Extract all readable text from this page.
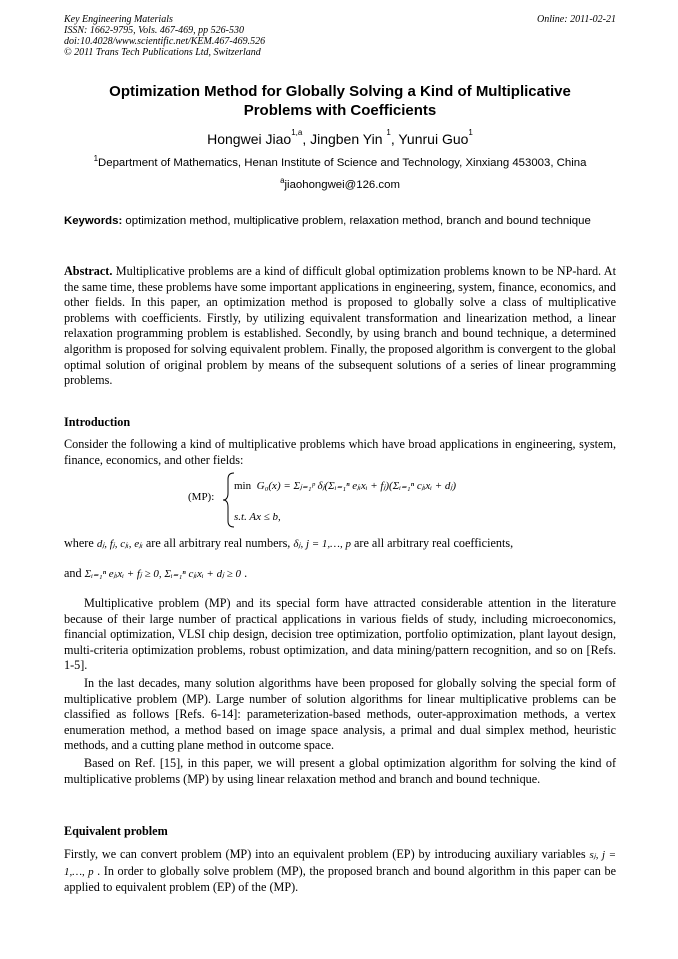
Key Engineering Materials
ISSN: 1662-9795, Vols. 467-469, pp 526-530
doi:10.4028/www.scientific.net/KEM.467-469.526
© 2011 Trans Tech Publications Ltd, Switzerland
Online: 2011-02-21
Optimization Method for Globally Solving a Kind of Multiplicative
Problems with Coefficients
Hongwei Jiao$^{1,a}$, Jingben Yin $^1$, Yunrui Guo$^1$
$^1$Department of Mathematics, Henan Institute of Science and Technology, Xinxiang 453003, China
$^a$jiaohongwei@126.com
Keywords: optimization method, multiplicative problem, relaxation method, branch and bound technique
Abstract. Multiplicative problems are a kind of difficult global optimization problems known to be NP-hard. At the same time, these problems have some important applications in engineering, system, finance, economics, and other fields. In this paper, an optimization method is proposed to globally solve a class of multiplicative problems with coefficients. Firstly, by utilizing equivalent transformation and linearization method, a linear relaxation programming problem is established. Secondly, by using branch and bound technique, a determined algorithm is proposed for solving equivalent problem. Finally, the proposed algorithm is convergent to the global optimal solution of original problem by means of the subsequent solutions of a series of linear programming problems.
Introduction
Consider the following a kind of multiplicative problems which have broad applications in engineering, system, finance, economics, and other fields:
(MP):
min G₀(x) = Σⱼ₌₁ᵖ δⱼ(Σᵢ₌₁ⁿ eⱼᵢxᵢ + fⱼ)(Σᵢ₌₁ⁿ cⱼᵢxᵢ + dⱼ)
s.t. Ax ≤ b,
where dⱼ, fⱼ, cⱼᵢ, eⱼᵢ are all arbitrary real numbers, δⱼ, j = 1,…, p are all arbitrary real coefficients,
and Σᵢ₌₁ⁿ eⱼᵢxᵢ + fⱼ ≥ 0, Σᵢ₌₁ⁿ cⱼᵢxᵢ + dⱼ ≥ 0 .
Multiplicative problem (MP) and its special form have attracted considerable attention in the literature because of their large number of practical applications in various fields of study, including microeconomics, financial optimization, VLSI chip design, decision tree optimization, portfolio optimization, plant layout design, multi-criteria optimization problems, robust optimization, and data mining/pattern recognition, and so on [Refs. 1-5].
In the last decades, many solution algorithms have been proposed for globally solving the special form of multiplicative problem (MP). Large number of solution algorithms for linear multiplicative problems can be classified as follows [Refs. 6-14]: parameterization-based methods, outer-approximation methods, a vertex enumeration method, a method based on image space analysis, a primal and dual simplex method, heuristic methods, and a cutting plane method in outcome space.
Based on Ref. [15], in this paper, we will present a global optimization algorithm for solving the kind of multiplicative problems (MP) by using linear relaxation method and branch and bound technique.
Equivalent problem
Firstly, we can convert problem (MP) into an equivalent problem (EP) by introducing auxiliary variables sⱼ, j = 1,…, p . In order to globally solve problem (MP), the proposed branch and bound algorithm in this paper can be applied to equivalent problem (EP) of the (MP).
